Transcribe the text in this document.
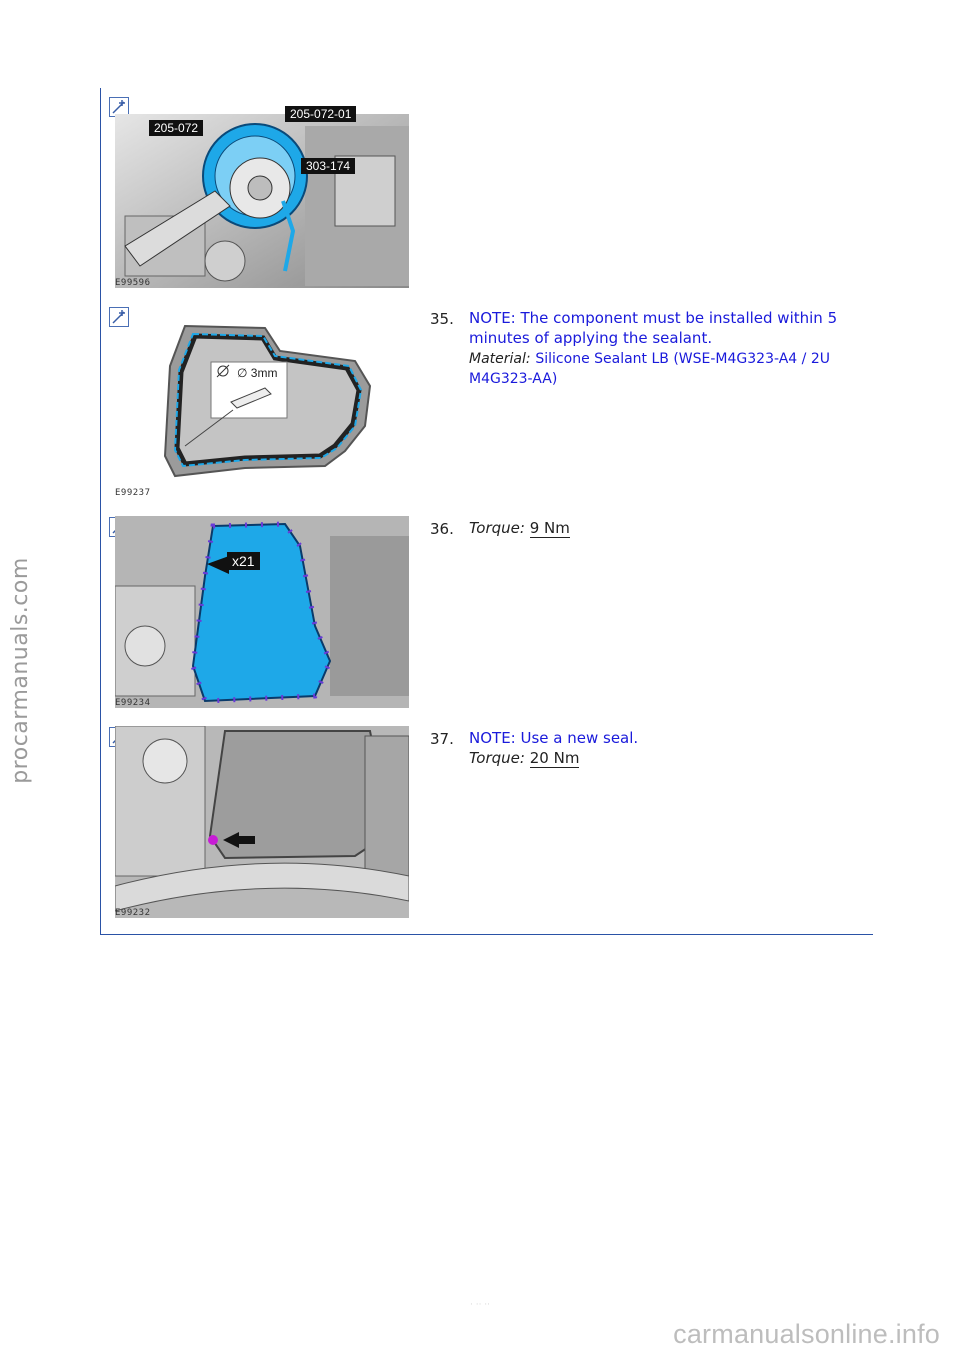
procarmanuals.com
205-072
205-072-01
303-174
E99596
∅ 3mm
E99237
35. NOTE: The component must be installed within 5
minutes of applying the sealant.
Material: Silicone Sealant LB (WSE-M4G323-A4 / 2U
M4G323-AA)
x21
E99234
36. Torque: 9 Nm
E99232
37. NOTE: Use a new seal.
Torque: 20 Nm
· ·· ··
carmanualsonline.info
